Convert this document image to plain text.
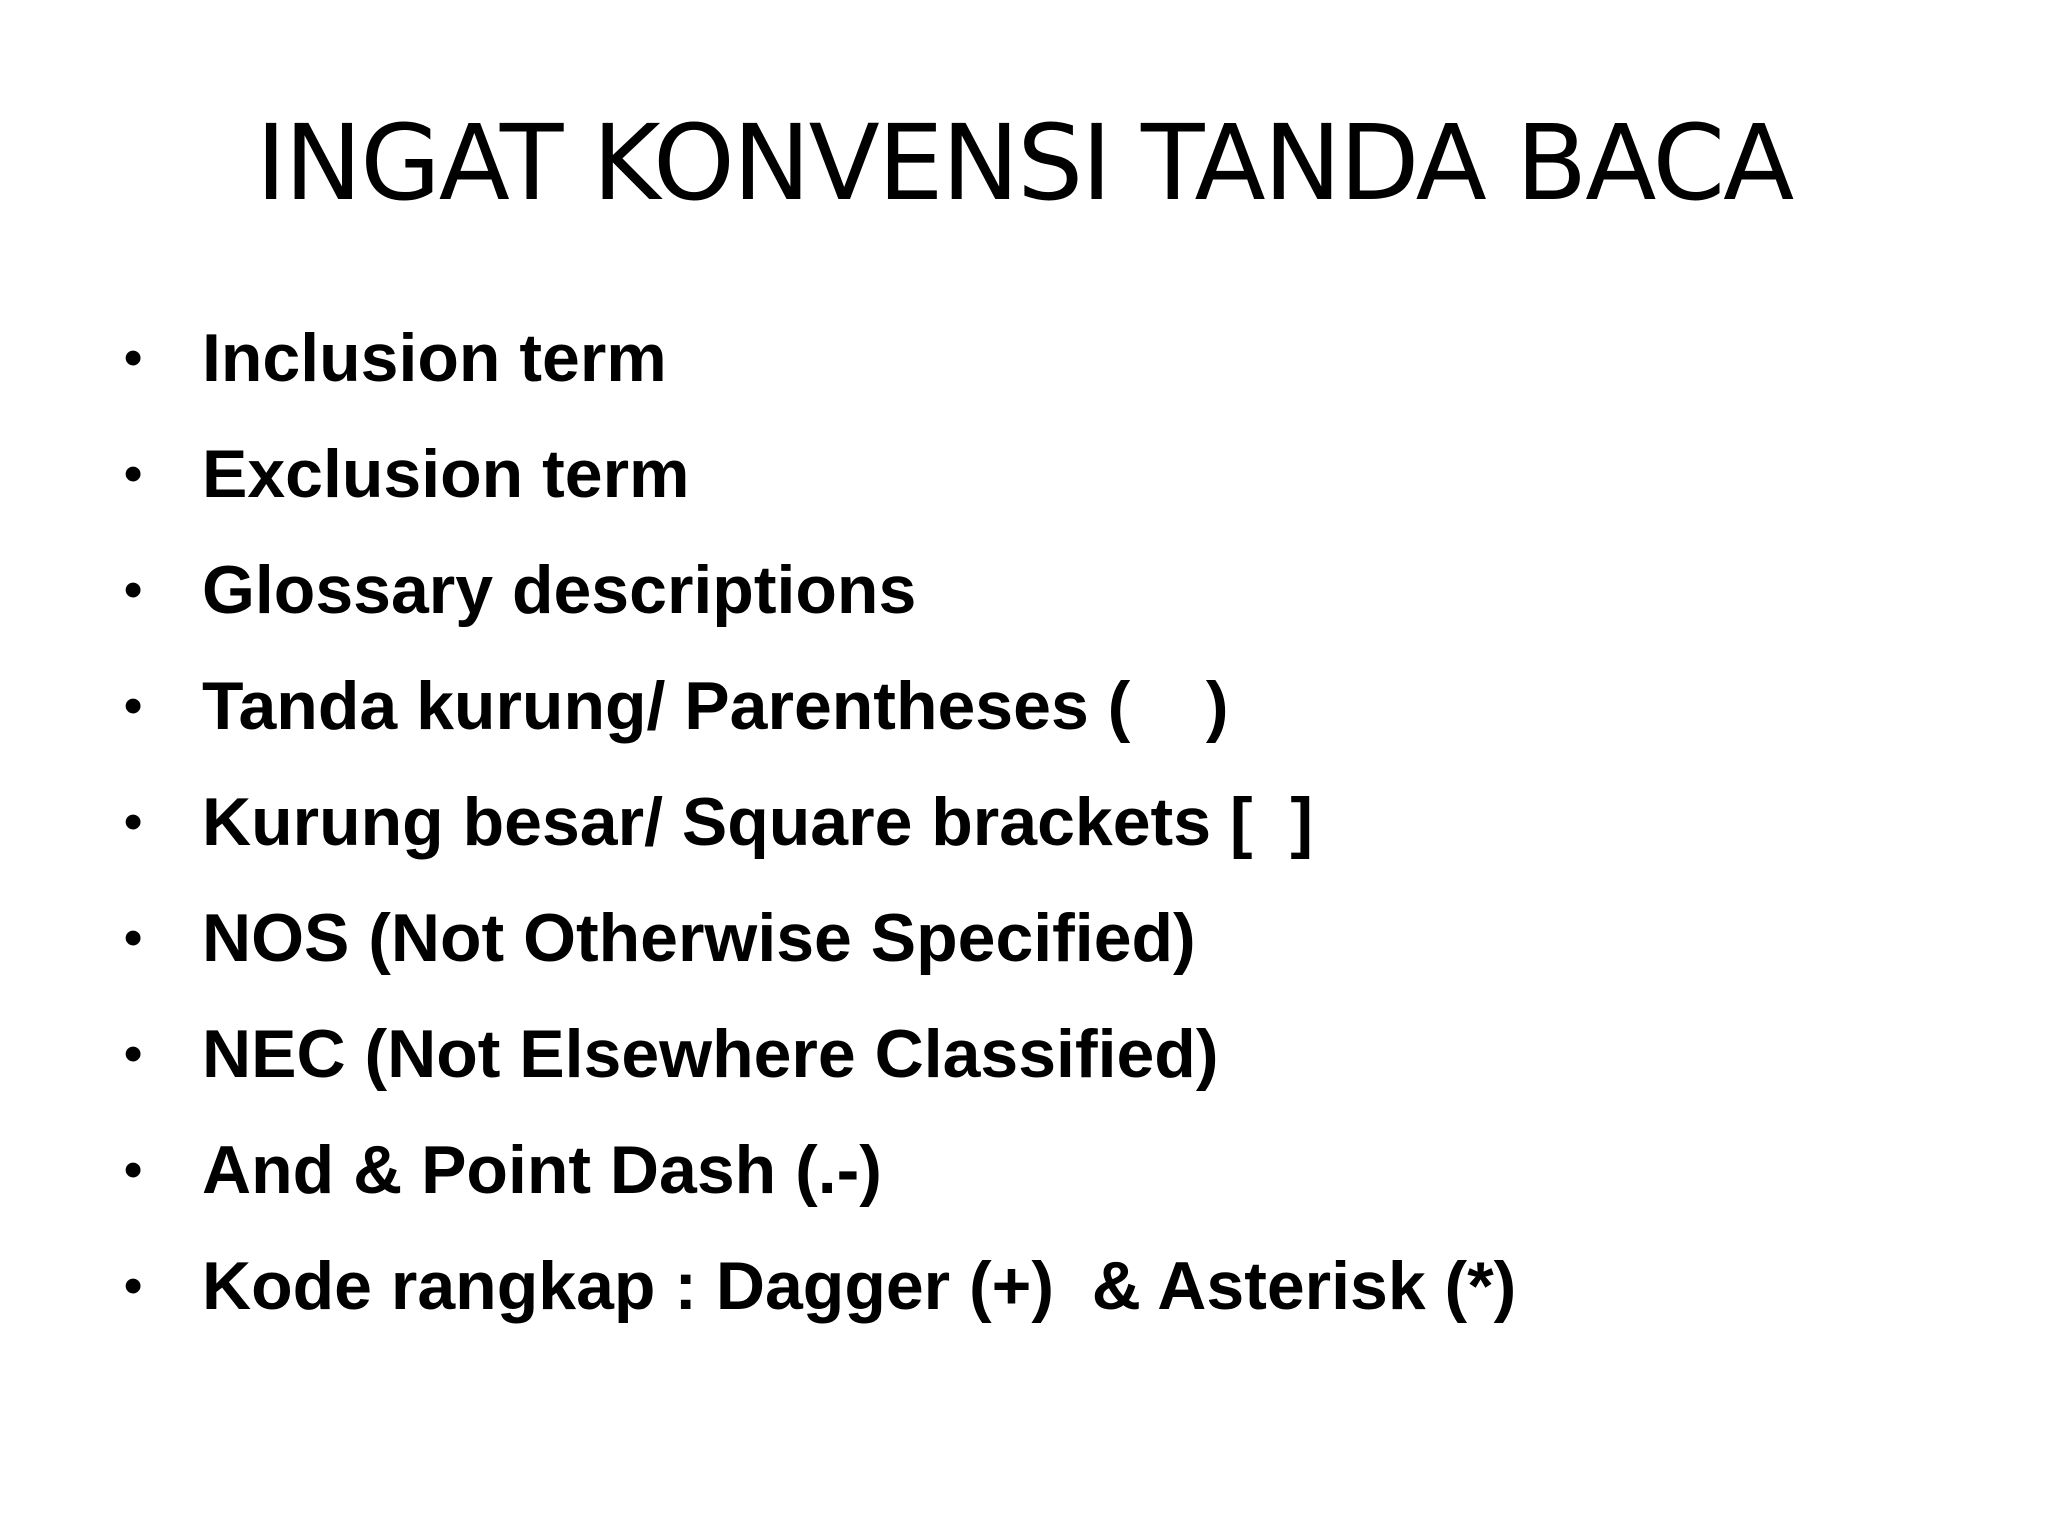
INGAT KONVENSI TANDA BACA
• Inclusion term
• Exclusion term
• Glossary descriptions
• Tanda kurung/ Parentheses (    )
• Kurung besar/ Square brackets [  ]
• NOS (Not Otherwise Specified)
• NEC (Not Elsewhere Classified)
• And & Point Dash (.-)
• Kode rangkap : Dagger (+)  & Asterisk (*)
